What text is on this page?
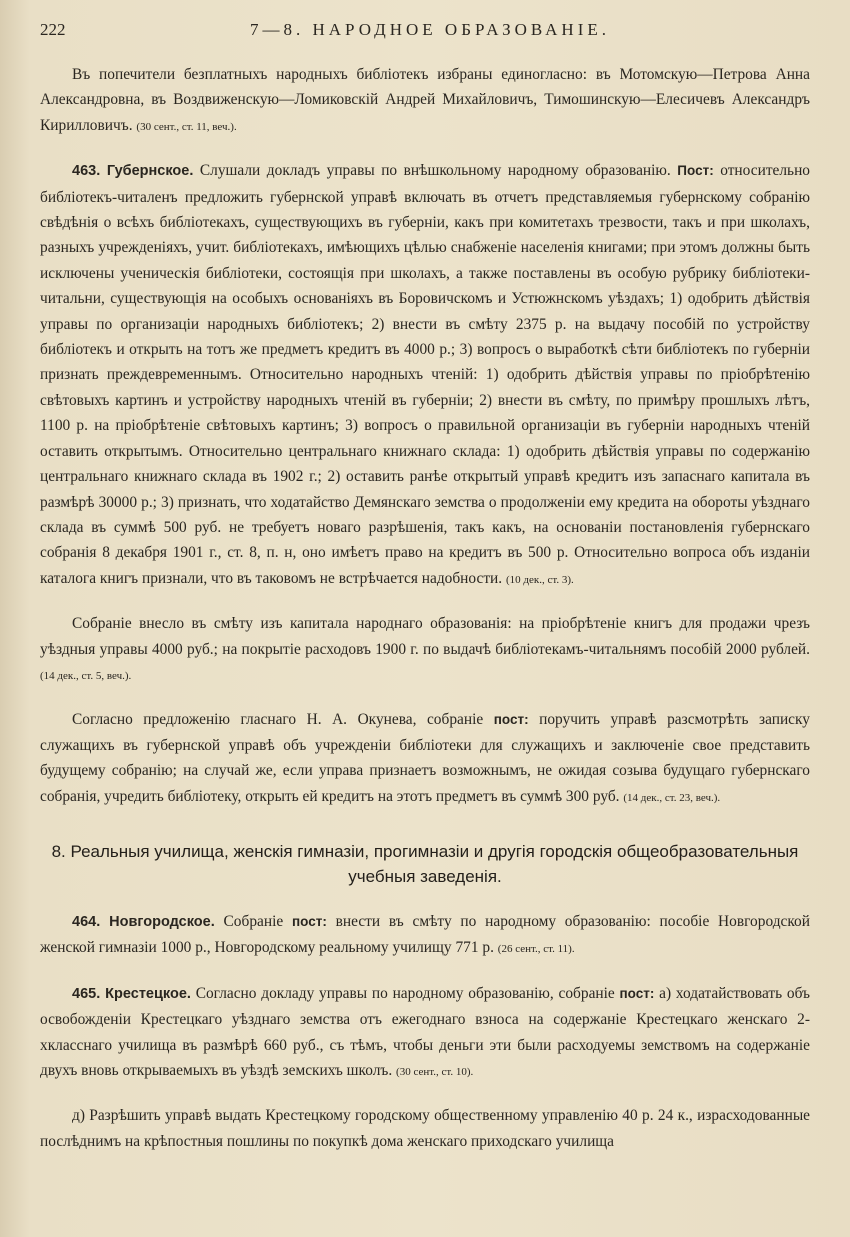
222	7—8. НАРОДНОЕ ОБРАЗОВАНІЕ.

Въ попечители безплатныхъ народныхъ библіотекъ избраны единогласно: въ Мотомскую—Петрова Анна Александровна, въ Воздвиженскую—Ломиковскій Андрей Михайловичъ, Тимошинскую—Елесичевъ Александръ Кирилловичъ. (30 сент., ст. 11, веч.).

463. Губернское. Слушали докладъ управы по внѣшкольному народному образованію. Пост: относительно библіотекъ-читаленъ предложить губернской управѣ включать въ отчетъ представляемыя губернскому собранію свѣдѣнія о всѣхъ библіотекахъ, существующихъ въ губерніи, какъ при комитетахъ трезвости, такъ и при школахъ, разныхъ учрежденіяхъ, учит. библіотекахъ, имѣющихъ цѣлью снабженіе населенія книгами; при этомъ должны быть исключены ученическія библіотеки, состоящія при школахъ, а также поставлены въ особую рубрику библіотеки-читальни, существующія на особыхъ основаніяхъ въ Боровичскомъ и Устюжнскомъ уѣздахъ; 1) одобрить дѣйствія управы по организаціи народныхъ библіотекъ; 2) внести въ смѣту 2375 р. на выдачу пособій по устройству библіотекъ и открыть на тотъ же предметъ кредитъ въ 4000 р.; 3) вопросъ о выработкѣ сѣти библіотекъ по губерніи признать преждевременнымъ. Относительно народныхъ чтеній: 1) одобрить дѣйствія управы по пріобрѣтенію свѣтовыхъ картинъ и устройству народныхъ чтеній въ губерніи; 2) внести въ смѣту, по примѣру прошлыхъ лѣтъ, 1100 р. на пріобрѣтеніе свѣтовыхъ картинъ; 3) вопросъ о правильной организаціи въ губерніи народныхъ чтеній оставить открытымъ. Относительно центральнаго книжнаго склада: 1) одобрить дѣйствія управы по содержанію центральнаго книжнаго склада въ 1902 г.; 2) оставить ранѣе открытый управѣ кредитъ изъ запаснаго капитала въ размѣрѣ 30000 р.; 3) признать, что ходатайство Демянскаго земства о продолженіи ему кредита на обороты уѣзднаго склада въ суммѣ 500 руб. не требуетъ новаго разрѣшенія, такъ какъ, на основаніи постановленія губернскаго собранія 8 декабря 1901 г., ст. 8, п. н, оно имѣетъ право на кредитъ въ 500 р. Относительно вопроса объ изданіи каталога книгъ признали, что въ таковомъ не встрѣчается надобности. (10 дек., ст. 3).

Собраніе внесло въ смѣту изъ капитала народнаго образованія: на пріобрѣтеніе книгъ для продажи чрезъ уѣздныя управы 4000 руб.; на покрытіе расходовъ 1900 г. по выдачѣ библіотекамъ-читальнямъ пособій 2000 рублей. (14 дек., ст. 5, веч.).

Согласно предложенію гласнаго Н. А. Окунева, собраніе пост: поручить управѣ разсмотрѣть записку служащихъ въ губернской управѣ объ учрежденіи библіотеки для служащихъ и заключеніе свое представить будущему собранію; на случай же, если управа признаетъ возможнымъ, не ожидая созыва будущаго губернскаго собранія, учредить библіотеку, открыть ей кредитъ на этотъ предметъ въ суммѣ 300 руб. (14 дек., ст. 23, веч.).

8. Реальныя училища, женскія гимназіи, прогимназіи и другія городскія общеобразовательныя учебныя заведенія.

464. Новгородское. Собраніе пост: внести въ смѣту по народному образованію: пособіе Новгородской женской гимназіи 1000 р., Новгородскому реальному училищу 771 р. (26 сент., ст. 11).

465. Крестецкое. Согласно докладу управы по народному образованію, собраніе пост: а) ходатайствовать объ освобожденіи Крестецкаго уѣзднаго земства отъ ежегоднаго взноса на содержаніе Крестецкаго женскаго 2-хкласснаго училища въ размѣрѣ 660 руб., съ тѣмъ, чтобы деньги эти были расходуемы земствомъ на содержаніе двухъ вновь открываемыхъ въ уѣздѣ земскихъ школъ. (30 сент., ст. 10).

д) Разрѣшить управѣ выдать Крестецкому городскому общественному управленію 40 р. 24 к., израсходованные послѣднимъ на крѣпостныя пошлины по покупкѣ дома женскаго приходскаго училища
